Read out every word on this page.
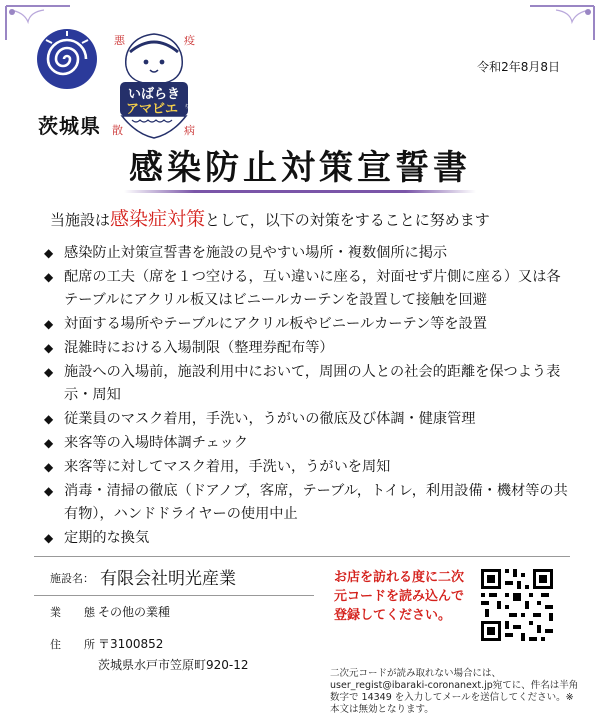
茨城県
悪	疫
いばらき
アマビエ ちゃん
散	病
令和2年8月8日
感染防止対策宣誓書
当施設は感染症対策として，以下の対策をすることに努めます
◆ 感染防止対策宣誓書を施設の見やすい場所・複数個所に掲示
◆ 配席の工夫（席を１つ空ける，互い違いに座る，対面せず片側に座る）又は各テーブルにアクリル板又はビニールカーテンを設置して接触を回避
◆ 対面する場所やテーブルにアクリル板やビニールカーテン等を設置
◆ 混雑時における入場制限（整理券配布等）
◆ 施設への入場前，施設利用中において，周囲の人との社会的距離を保つよう表示・周知
◆ 従業員のマスク着用，手洗い，うがいの徹底及び体調・健康管理
◆ 来客等の入場時体調チェック
◆ 来客等に対してマスク着用，手洗い，うがいを周知
◆ 消毒・清掃の徹底（ドアノブ，客席，テーブル，トイレ，利用設備・機材等の共有物），ハンドドライヤーの使用中止
◆ 定期的な換気
施設名： 有限会社明光産業
業　態：
その他の業種
住　所：
〒3100852
茨城県水戸市笠原町920-12
お店を訪れる度に二次元コードを読み込んで登録してください。
二次元コードが読み取れない場合には、user_regist@ibaraki-coronanext.jp宛てに、件名は半角数字で 14349 を入力してメールを送信してください。※本文は無効となります。
